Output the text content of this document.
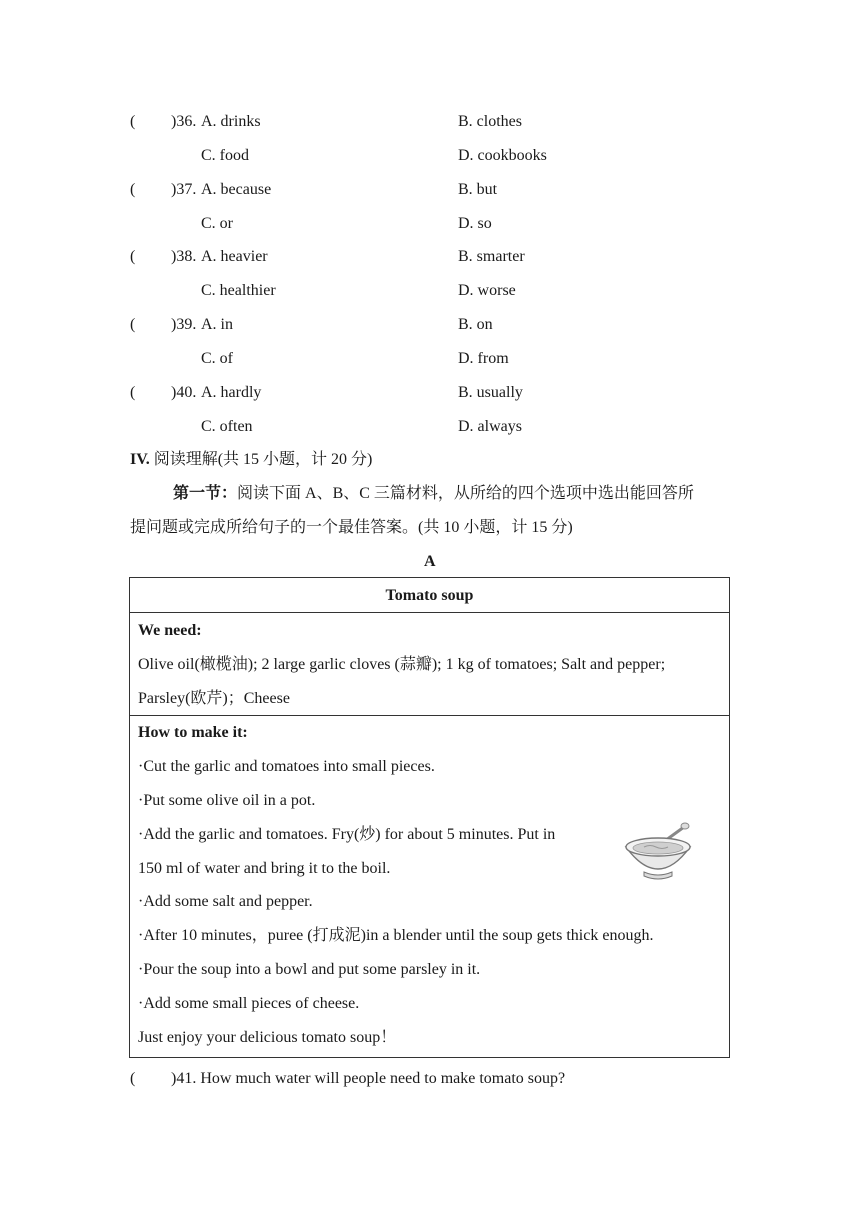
( )36. A. drinks	B. clothes
C. food	D. cookbooks
( )37. A. because	B. but
C. or	D. so
( )38. A. heavier	B. smarter
C. healthier	D. worse
( )39. A. in	B. on
C. of	D. from
( )40. A. hardly	B. usually
C. often	D. always
IV. 阅读理解(共 15 小题，计 20 分)
第一节：阅读下面 A、B、C 三篇材料，从所给的四个选项中选出能回答所
提问题或完成所给句子的一个最佳答案。(共 10 小题，计 15 分)
A
Tomato soup
We need:
Olive oil(橄榄油); 2 large garlic cloves (蒜瓣); 1 kg of tomatoes; Salt and pepper;
Parsley(欧芹)；Cheese
How to make it:
·Cut the garlic and tomatoes into small pieces.
·Put some olive oil in a pot.
·Add the garlic and tomatoes. Fry(炒) for about 5 minutes. Put in
150 ml of water and bring it to the boil.
·Add some salt and pepper.
·After 10 minutes，puree (打成泥)in a blender until the soup gets thick enough.
·Pour the soup into a bowl and put some parsley in it.
·Add some small pieces of cheese.
Just enjoy your delicious tomato soup！
( )41. How much water will people need to make tomato soup?
